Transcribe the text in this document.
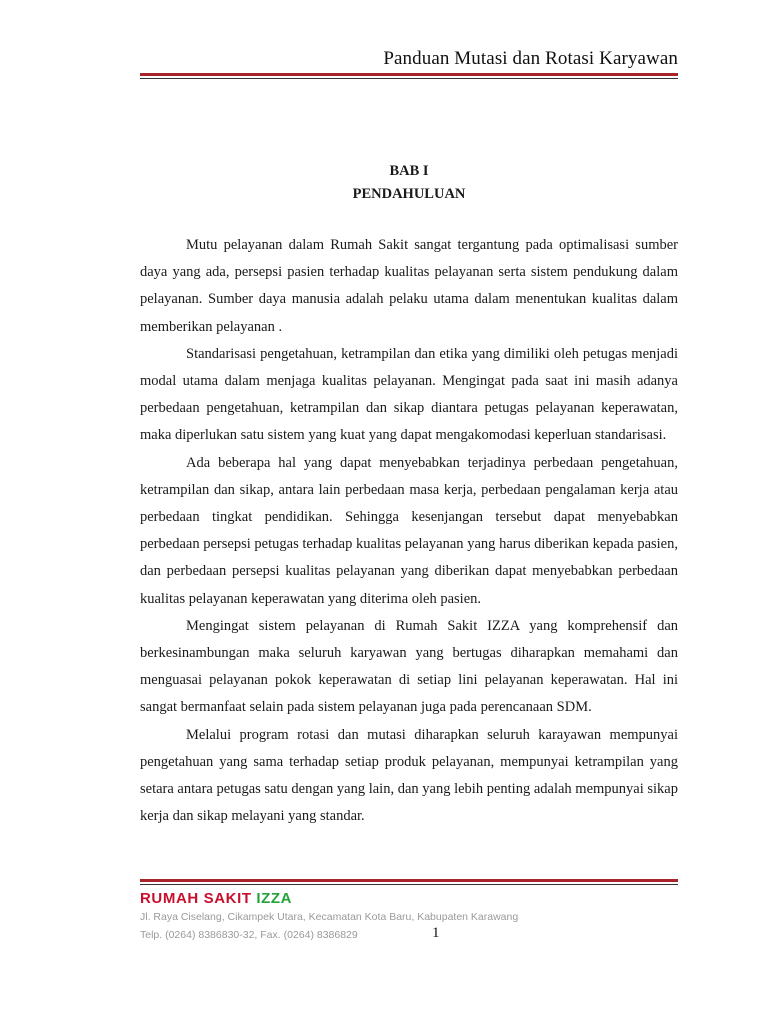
Panduan Mutasi dan Rotasi Karyawan
BAB I
PENDAHULUAN

Mutu pelayanan dalam Rumah Sakit sangat tergantung pada optimalisasi sumber daya yang ada, persepsi pasien terhadap kualitas pelayanan serta sistem pendukung dalam pelayanan. Sumber daya manusia adalah pelaku utama dalam menentukan kualitas dalam memberikan pelayanan .

Standarisasi pengetahuan, ketrampilan dan etika yang dimiliki oleh petugas menjadi modal utama dalam menjaga kualitas pelayanan. Mengingat pada saat ini masih adanya perbedaan pengetahuan, ketrampilan dan sikap diantara petugas pelayanan keperawatan, maka diperlukan satu sistem yang kuat yang dapat mengakomodasi keperluan standarisasi.

Ada beberapa hal yang dapat menyebabkan terjadinya perbedaan pengetahuan, ketrampilan dan sikap, antara lain perbedaan masa kerja, perbedaan pengalaman kerja atau perbedaan tingkat pendidikan. Sehingga kesenjangan tersebut dapat menyebabkan perbedaan persepsi petugas terhadap kualitas pelayanan yang harus diberikan kepada pasien, dan perbedaan persepsi kualitas pelayanan yang diberikan dapat menyebabkan perbedaan kualitas pelayanan keperawatan yang diterima oleh pasien.

Mengingat sistem pelayanan di Rumah Sakit IZZA yang komprehensif dan berkesinambungan maka seluruh karyawan yang bertugas diharapkan memahami dan menguasai pelayanan pokok keperawatan di setiap lini pelayanan keperawatan. Hal ini sangat bermanfaat selain pada sistem pelayanan juga pada perencanaan SDM.

Melalui program rotasi dan mutasi diharapkan seluruh karayawan mempunyai pengetahuan yang sama terhadap setiap produk pelayanan, mempunyai ketrampilan yang setara antara petugas satu dengan yang lain, dan yang lebih penting adalah mempunyai sikap kerja dan sikap melayani yang standar.

RUMAH SAKIT IZZA
Jl. Raya Ciselang, Cikampek Utara, Kecamatan Kota Baru, Kabupaten Karawang
Telp. (0264) 8386830-32, Fax. (0264) 8386829	1
